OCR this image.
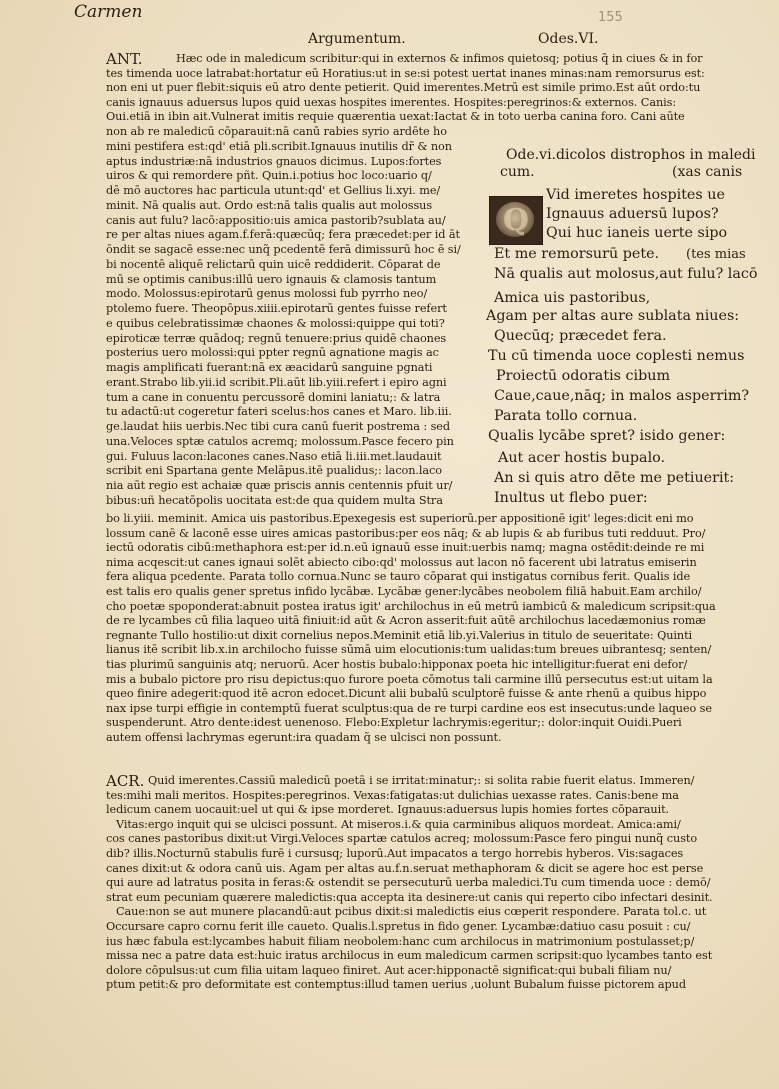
Carmen	155
Argumentum.	Odes.VI.
ANT.
ACR.
Hæc ode in maledicum scribitur:qui in externos & infimos quietosq; potius q̃ in ciues & in for
tes timenda uoce latrabat:hortatur eū Horatius:ut in se:si potest uertat inanes minas:nam remorsurus est:
non eni ut puer flebit:siquis eū atro dente petierit. Quid imerentes.Metrū est simile primo.Est aūt ordo:tu
canis ignauus aduersus lupos quid uexas hospites imerentes. Hospites:peregrinos:& externos. Canis:
Oui.etiā in ibin ait.Vulnerat imitis requie quærentia uexat:Iactat & in toto uerba canina foro. Cani aūte
non ab re maledicū cōparauit:nā canū rabies syrio ardēte ho
mini pestifera est:qd' etiā pli.scribit.Ignauus inutilis dr̃ & non
aptus industriæ:nā industrios gnauos dicimus. Lupos:fortes
uiros & qui remordere pñt. Quin.i.potius hoc loco:uario q/
dē mō auctores hac particula utunt:qd' et Gellius li.xyi. me/
minit. Nā qualis aut. Ordo est:nā talis qualis aut molossus
canis aut fulu? lacō:appositio:uis amica pastorib?sublata au/
re per altas niues agam.f.ferā:quæcūq; fera præcedet:per id āt
ōndit se sagacē esse:nec unq̃ pcedentē ferā dimissurū hoc ē si/
bi nocentē aliquē relictarū quin uicē reddiderit. Cōparat de
mū se optimis canibus:illū uero ignauis & clamosis tantum
modo. Molossus:epirotarū genus molossi fub pyrrho neo/
ptolemo fuere. Theopōpus.xiiii.epirotarū gentes fuisse refert
e quibus celebratissimæ chaones & molossi:quippe qui toti?
epiroticæ terræ quādoq; regnū tenuere:prius quidē chaones
posterius uero molossi:qui ppter regnū agnatione magis ac
magis amplificati fuerant:nā ex æacidarū sanguine pgnati
erant.Strabo lib.yii.id scribit.Pli.aūt lib.yiii.refert i epiro agni
tum a cane in conuentu percussorē domini laniatu;: & latra
tu adactū:ut cogeretur fateri scelus:hos canes et Maro. lib.iii.
ge.laudat hiis uerbis.Nec tibi cura canū fuerit postrema : sed
una.Veloces sptæ catulos acremq; molossum.Pasce fecero pin
gui. Fuluus lacon:lacones canes.Naso etiā li.iii.met.laudauit
scribit eni Spartana gente Melāpus.itē pualidus;: lacon.laco
nia aūt regio est achaiæ quæ priscis annis centennis pfuit ur/
bibus:uñ hecatōpolis uocitata est:de qua quidem multa Stra
bo li.yiii. meminit. Amica uis pastoribus.Epexegesis est superiorū.per appositionē igit' leges:dicit eni mo
lossum canē & laconē esse uires amicas pastoribus:per eos nāq; & ab lupis & ab furibus tuti redduut. Pro/
iectū odoratis cibū:methaphora est:per id.n.eū ignauū esse inuit:uerbis namq; magna ostēdit:deinde re mi
nima acqescit:ut canes ignaui solēt abiecto cibo:qd' molossus aut lacon nō facerent ubi latratus emiserin
fera aliqua pcedente. Parata tollo cornua.Nunc se tauro cōparat qui instigatus cornibus ferit. Qualis ide
est talis ero qualis gener spretus infido lycābæ. Lycābæ gener:lycābes neobolem filiā habuit.Eam archilo/
cho poetæ spoponderat:abnuit postea iratus igit' archilochus in eū metrū iambicū & maledicum scripsit:qua
de re lycambes cū filia laqueo uitā finiuit:id aūt & Acron asserit:fuit aūtē archilochus lacedæmonius romæ
regnante Tullo hostilio:ut dixit cornelius nepos.Meminit etiā lib.yi.Valerius in titulo de seueritate: Quinti
lianus itē scribit lib.x.in archilocho fuisse sūmā uim elocutionis:tum ualidas:tum breues uibrantesq; senten/
tias plurimū sanguinis atq; neruorū. Acer hostis bubalo:hipponax poeta hic intelligitur:fuerat eni defor/
mis a bubalo pictore pro risu depictus:quo furore poeta cōmotus tali carmine illū persecutus est:ut uitam la
queo finire adegerit:quod itē acron edocet.Dicunt alii bubalū sculptorē fuisse & ante rhenū a quibus hippo
nax ipse turpi effigie in contemptū fuerat sculptus:qua de re turpi cardine eos est insecutus:unde laqueo se
suspenderunt. Atro dente:idest uenenoso. Flebo:Expletur lachrymis:egeritur;: dolor:inquit Ouidi.Pueri
autem offensi lachrymas egerunt:ira quadam q̃ se ulcisci non possunt.
Quid imerentes.Cassiū maledicū poetā i se irritat:minatur;: si solita rabie fuerit elatus. Immeren/
tes:mihi mali meritos. Hospites:peregrinos. Vexas:fatigatas:ut dulichias uexasse rates. Canis:bene ma
ledicum canem uocauit:uel ut qui & ipse morderet. Ignauus:aduersus lupis homies fortes cōparauit.
Vitas:ergo inquit qui se ulcisci possunt. At miseros.i.& quia carminibus aliquos mordeat. Amica:ami/
cos canes pastoribus dixit:ut Virgi.Veloces spartæ catulos acreq; molossum:Pasce fero pingui nunq̃ custo
dib? illis.Nocturnū stabulis furē i cursusq; luporū.Aut impacatos a tergo horrebis hyberos. Vis:sagaces
canes dixit:ut & odora canū uis. Agam per altas au.f.n.seruat methaphoram & dicit se agere hoc est perse
qui aure ad latratus posita in feras:& ostendit se persecuturū uerba maledici.Tu cum timenda uoce : demō/
strat eum pecuniam quærere maledictis:qua accepta ita desinere:ut canis qui reperto cibo infectari desinit.
Caue:non se aut munere placandū:aut pcibus dixit:si maledictis eius cœperit respondere. Parata tol.c. ut
Occursare capro cornu ferit ille caueto. Qualis.l.spretus in fido gener. Lycambæ:datiuo casu posuit : cu/
ius hæc fabula est:lycambes habuit filiam neobolem:hanc cum archilocus in matrimonium postulasset;p/
missa nec a patre data est:huic iratus archilocus in eum maledicum carmen scripsit:quo lycambes tanto est
dolore cōpulsus:ut cum filia uitam laqueo finiret. Aut acer:hipponactē significat:qui bubali filiam nu/
ptum petit:& pro deformitate est contemptus:illud tamen uerius ,uolunt Bubalum fuisse pictorem apud
Q
Ode.vi.dicolos distrophos in maledi
cum.	(xas canis
Vid imeretes hospites ue
Ignauus aduersū lupos?
Qui huc ianeis uerte sipo
Et me remorsurū pete.
Nā qualis aut molosus,aut fulu? lacō
Amica uis pastoribus,
Agam per altas aure sublata niues:
Quecūq; præcedet fera.
Tu cū timenda uoce coplesti nemus
Proiectū odoratis cibum
Caue,caue,nāq; in malos asperrim?
Parata tollo cornua.
Qualis lycābe spret? isido gener:
Aut acer hostis bupalo.
An si quis atro dēte me petiuerit:
Inultus ut flebo puer:
(tes mias
